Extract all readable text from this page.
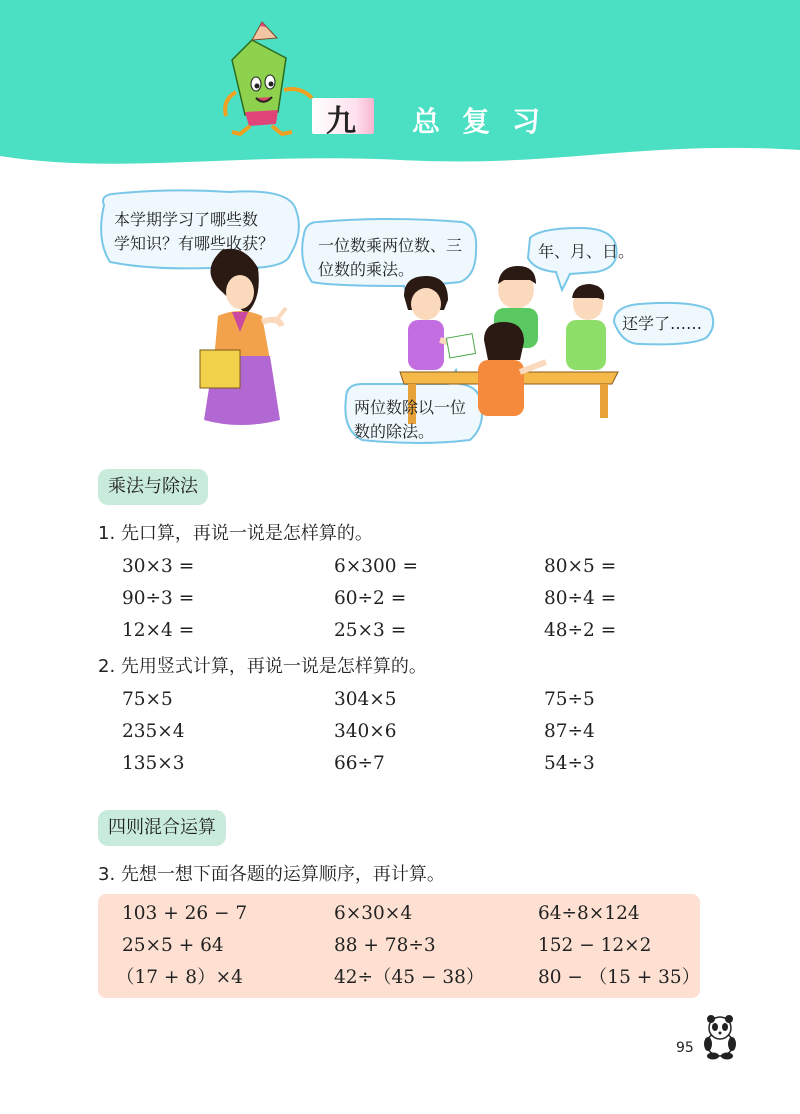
九 总复习
本学期学习了哪些数
学知识？有哪些收获？	一位数乘两位数、三
位数的乘法。
年、月、日。
还学了……
两位数除以一位
数的除法。
乘法与除法
1. 先口算，再说一说是怎样算的。
30×3 =	6×300 =	80×5 =
90÷3 =	60÷2 =	80÷4 =
12×4 =	25×3 =	48÷2 =
2. 先用竖式计算，再说一说是怎样算的。
75×5	304×5	75÷5
235×4	340×6	87÷4
135×3	66÷7	54÷3
四则混合运算
3. 先想一想下面各题的运算顺序，再计算。
103 + 26 − 7	6×30×4	64÷8×124
25×5 + 64	88 + 78÷3	152 − 12×2
（17 + 8）×4	42÷（45 − 38）	80 − （15 + 35）
95
